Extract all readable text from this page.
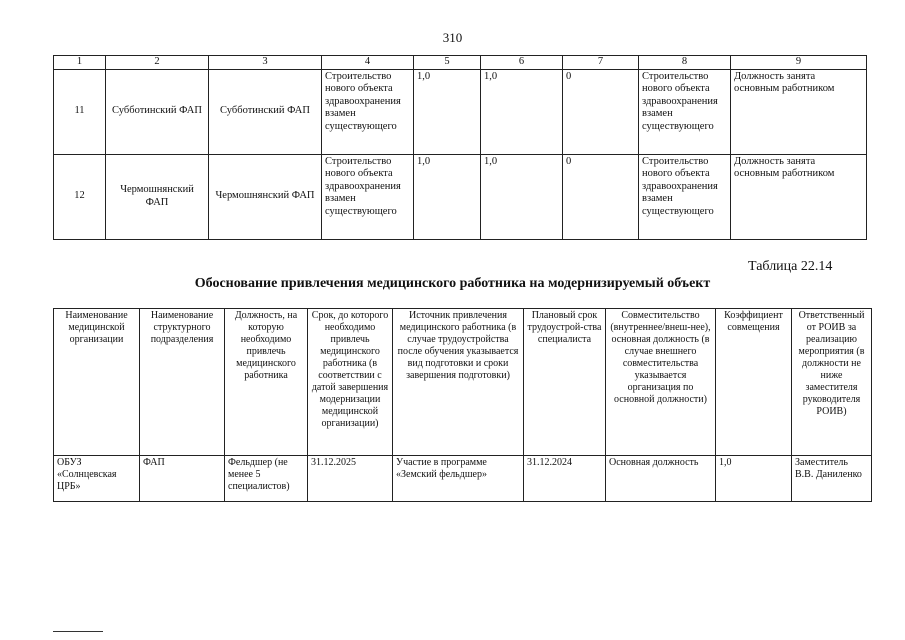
310
1	2	3	4	5	6	7	8	9
11	Субботинский ФАП	Субботинский ФАП	Строительство нового объекта здравоохранения взамен существующего	1,0	1,0	0	Строительство нового объекта здравоохранения взамен существующего	Должность занята основным работником
12	Чермошнянский ФАП	Чермошнянский ФАП	Строительство нового объекта здравоохранения взамен существующего	1,0	1,0	0	Строительство нового объекта здравоохранения взамен существующего	Должность занята основным работником
Таблица 22.14
Обоснование привлечения медицинского работника на модернизируемый объект
Наименование медицинской организации	Наименование структурного подразделения	Должность, на которую необходимо привлечь медицинского работника	Срок, до которого необходимо привлечь медицинского работника (в соответствии с датой завершения модернизации медицинской организации)	Источник привлечения медицинского работника (в случае трудоустройства после обучения указывается вид подготовки и сроки завершения подготовки)	Плановый срок трудоустрой-ства специалиста	Совместительство (внутреннее/внеш-нее), основная должность (в случае внешнего совместительства указывается организация по основной должности)	Коэффициент совмещения	Ответственный от РОИВ за реализацию мероприятия (в должности не ниже заместителя руководителя РОИВ)
ОБУЗ «Солнцевская ЦРБ»	ФАП	Фельдшер (не менее 5 специалистов)	31.12.2025	Участие в программе «Земский фельдшер»	31.12.2024	Основная должность	1,0	Заместитель В.В. Даниленко
